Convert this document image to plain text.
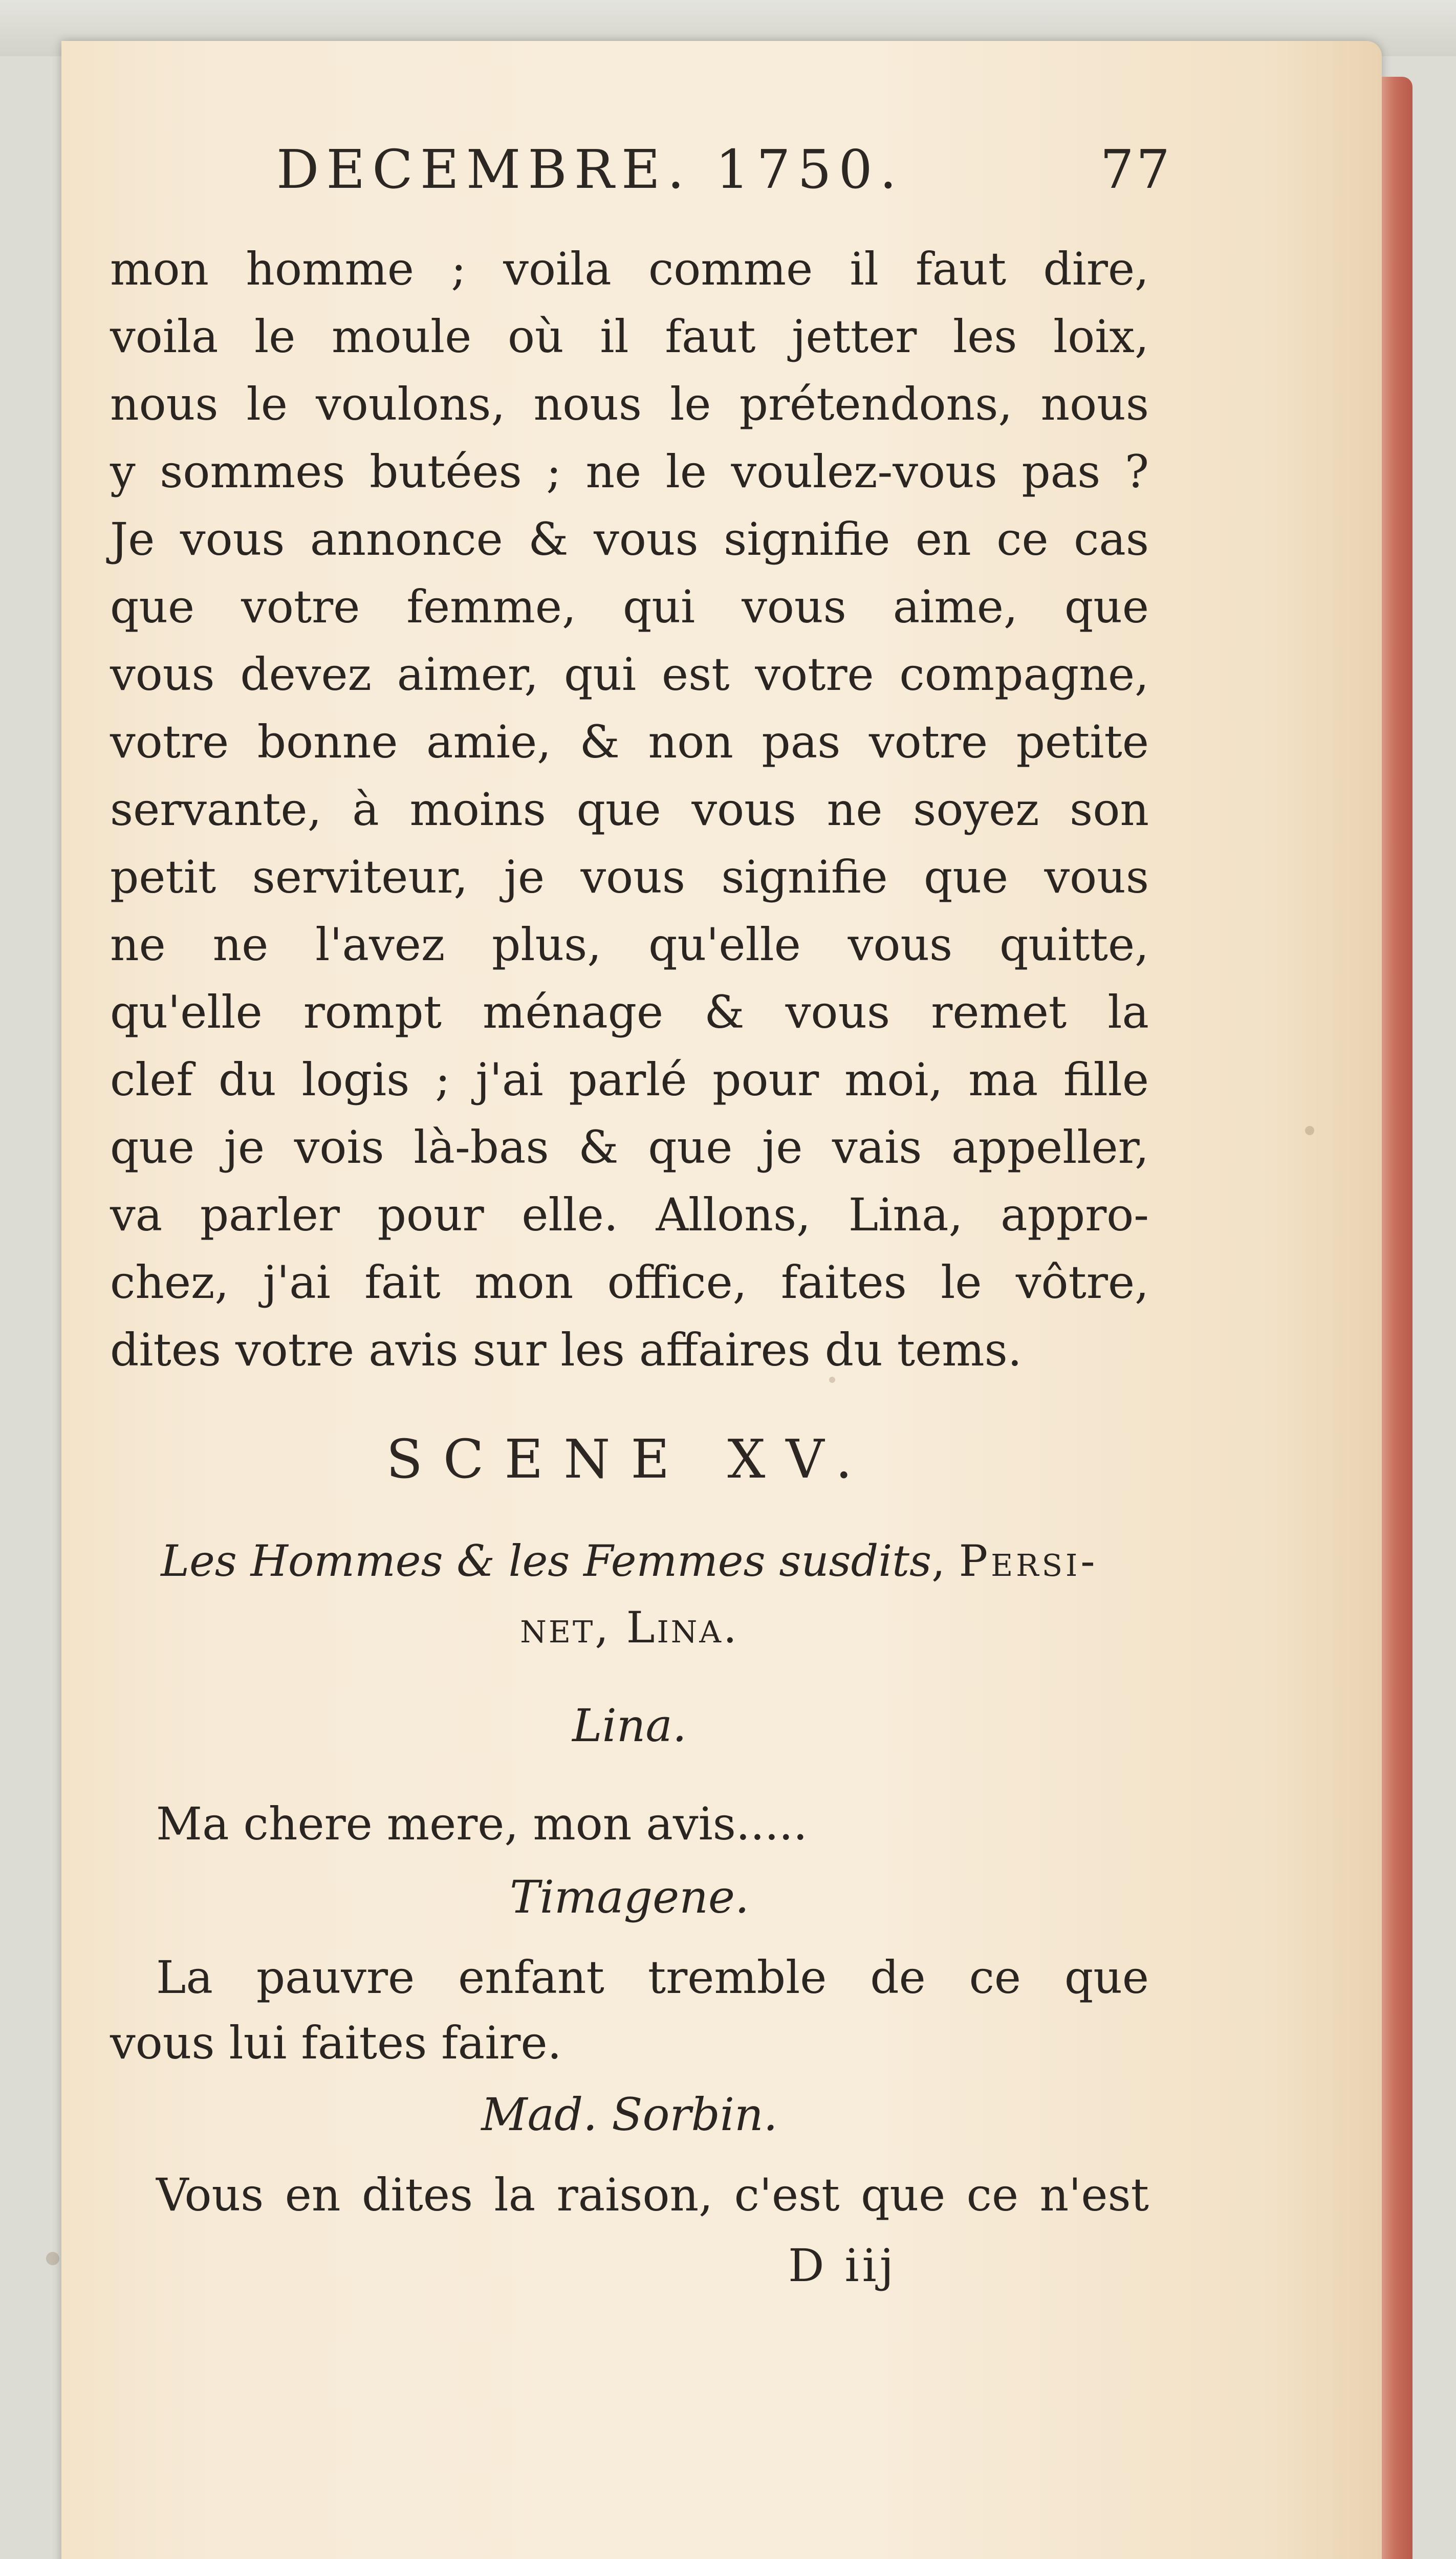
DECEMBRE. 1750.	77
mon homme ; voila comme il faut dire,
voila le moule où il faut jetter les loix,
nous le voulons, nous le prétendons, nous
y sommes butées ; ne le voulez-vous pas ?
Je vous annonce & vous signifie en ce cas
que votre femme, qui vous aime, que
vous devez aimer, qui est votre compagne,
votre bonne amie, & non pas votre petite
servante, à moins que vous ne soyez son
petit serviteur, je vous signifie que vous
ne ne l'avez plus, qu'elle vous quitte,
qu'elle rompt ménage & vous remet la
clef du logis ; j'ai parlé pour moi, ma fille
que je vois là-bas & que je vais appeller,
va parler pour elle. Allons, Lina, appro-
chez, j'ai fait mon office, faites le vôtre,
dites votre avis sur les affaires du tems.
SCENE XV.
Les Hommes & les Femmes susdits, Persi-
net, Lina.
Lina.
Ma chere mere, mon avis.....
Timagene.
La pauvre enfant tremble de ce que
vous lui faites faire.
Mad. Sorbin.
Vous en dites la raison, c'est que ce n'est
D iij
